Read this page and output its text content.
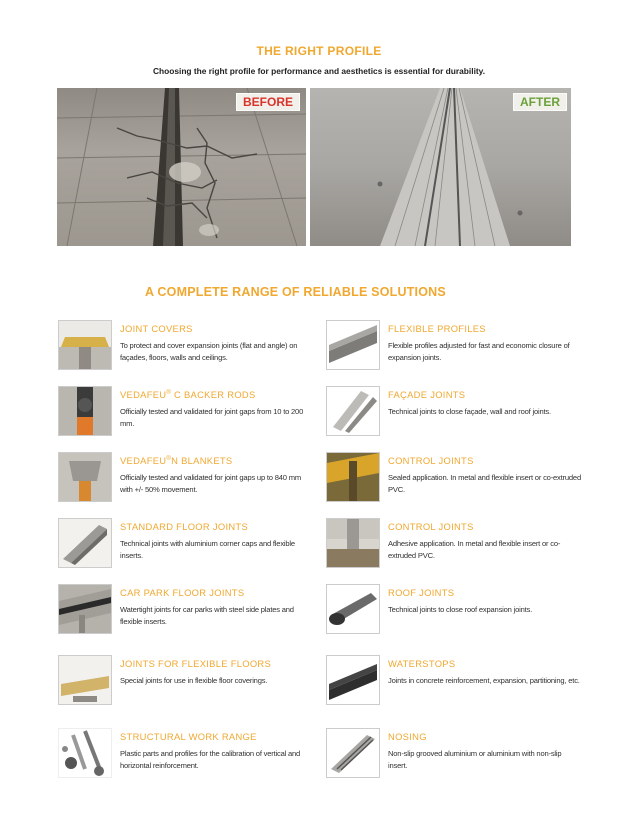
THE RIGHT PROFILE
Choosing the right profile for performance and aesthetics is essential for durability.
BEFORE	AFTER
A COMPLETE RANGE OF RELIABLE SOLUTIONS
JOINT COVERS
To protect and cover expansion joints (flat and angle) on façades, floors, walls and ceilings.
VEDAFEU® C BACKER RODS
Officially tested and validated for joint gaps from 10 to 200 mm.
VEDAFEU®N BLANKETS
Officially tested and validated for joint gaps up to 840 mm with +/- 50% movement.
STANDARD FLOOR JOINTS
Technical joints with aluminium corner caps and flexible inserts.
CAR PARK FLOOR JOINTS
Watertight joints for car parks with steel side plates and flexible inserts.
JOINTS FOR FLEXIBLE FLOORS
Special joints for use in flexible floor coverings.
STRUCTURAL WORK RANGE
Plastic parts and profiles for the calibration of vertical and horizontal reinforcement.
FLEXIBLE PROFILES
Flexible profiles adjusted for fast and economic closure of expansion joints.
FAÇADE JOINTS
Technical joints to close façade, wall and roof joints.
CONTROL JOINTS
Sealed application. In metal and flexible insert or co-extruded PVC.
CONTROL JOINTS
Adhesive application. In metal and flexible insert or co-extruded PVC.
ROOF JOINTS
Technical joints to close roof expansion joints.
WATERSTOPS
Joints in concrete reinforcement, expansion, partitioning, etc.
NOSING
Non-slip grooved aluminium or aluminium with non-slip insert.
